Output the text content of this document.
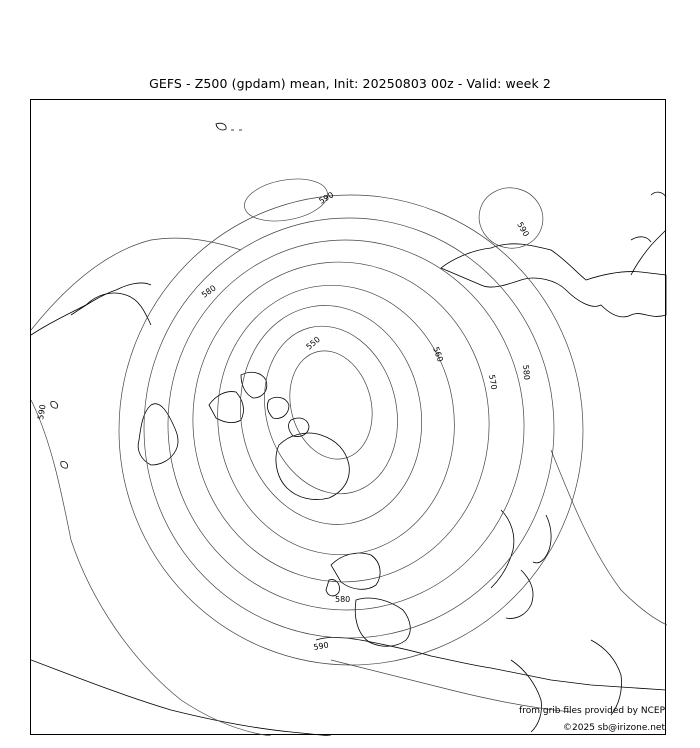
GEFS - Z500 (gpdam) mean, Init: 20250803 00z - Valid: week 2
590
590
590
590
580
580
580
570
560
550
from grib files provided by NCEP
©2025 sb@irizone.net
